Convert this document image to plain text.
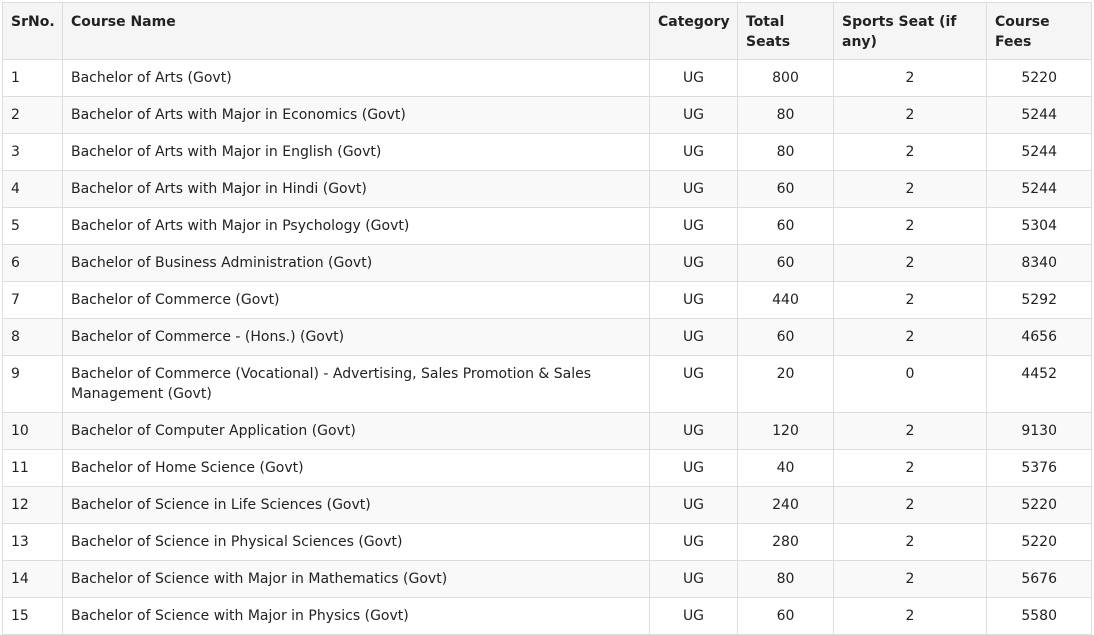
SrNo.	Course Name	Category	Total Seats	Sports Seat (if any)	Course Fees
1	Bachelor of Arts (Govt)	UG	800	2	5220
2	Bachelor of Arts with Major in Economics (Govt)	UG	80	2	5244
3	Bachelor of Arts with Major in English (Govt)	UG	80	2	5244
4	Bachelor of Arts with Major in Hindi (Govt)	UG	60	2	5244
5	Bachelor of Arts with Major in Psychology (Govt)	UG	60	2	5304
6	Bachelor of Business Administration (Govt)	UG	60	2	8340
7	Bachelor of Commerce (Govt)	UG	440	2	5292
8	Bachelor of Commerce - (Hons.) (Govt)	UG	60	2	4656
9	Bachelor of Commerce (Vocational) - Advertising, Sales Promotion & Sales Management (Govt)	UG	20	0	4452
10	Bachelor of Computer Application (Govt)	UG	120	2	9130
11	Bachelor of Home Science (Govt)	UG	40	2	5376
12	Bachelor of Science in Life Sciences (Govt)	UG	240	2	5220
13	Bachelor of Science in Physical Sciences (Govt)	UG	280	2	5220
14	Bachelor of Science with Major in Mathematics (Govt)	UG	80	2	5676
15	Bachelor of Science with Major in Physics (Govt)	UG	60	2	5580
